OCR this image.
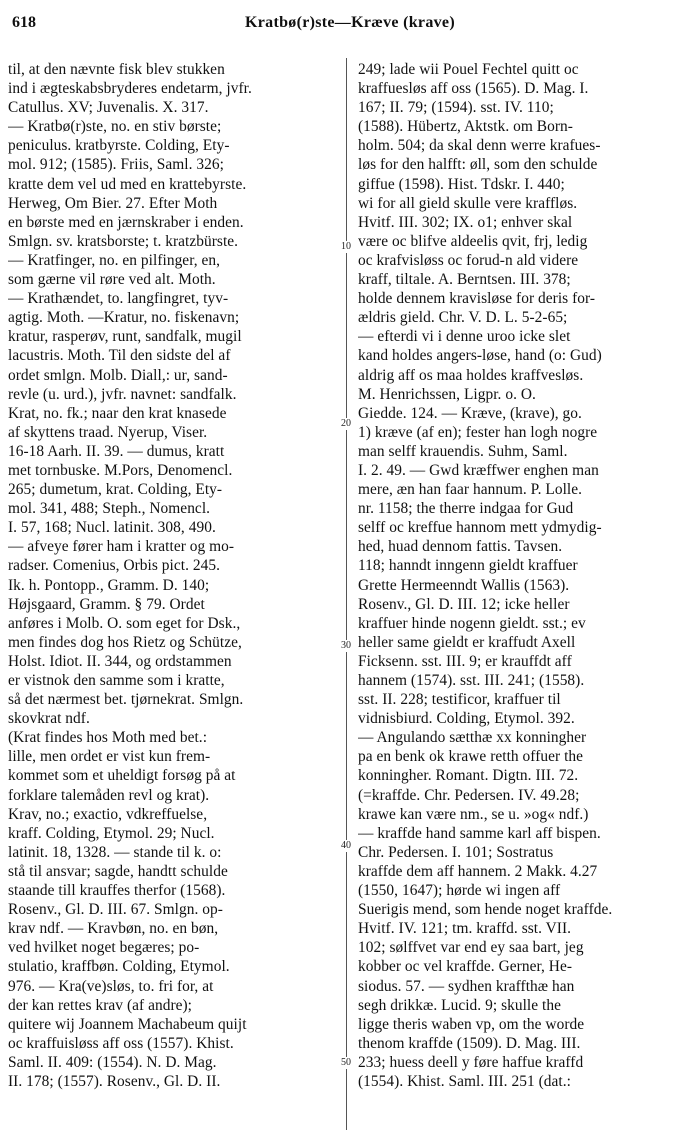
618	Kratbø(r)ste—Kræve (krave)
til, at den nævnte fisk blev stukken
ind i ægteskabsbryderes endetarm, jvfr.
Catullus. XV; Juvenalis. X. 317.
— Kratbø(r)ste, no. en stiv børste;
peniculus. kratbyrste. Colding, Ety-
mol. 912; (1585). Friis, Saml. 326;
kratte dem vel ud med en krattebyrste.
Herweg, Om Bier. 27. Efter Moth
en børste med en jærnskraber i enden.
Smlgn. sv. kratsborste; t. kratzbürste.
— Kratfinger, no. en pilfinger, en,
som gærne vil røre ved alt. Moth.
— Krathændet, to. langfingret, tyv-
agtig. Moth. —Kratur, no. fiskenavn;
kratur, rasperøv, runt, sandfalk, mugil
lacustris. Moth. Til den sidste del af
ordet smlgn. Molb. Diall,: ur, sand-
revle (u. urd.), jvfr. navnet: sandfalk.
Krat, no. fk.; naar den krat knasede
af skyttens traad. Nyerup, Viser.
16-18 Aarh. II. 39. — dumus, kratt
met tornbuske. M.Pors, Denomencl.
265; dumetum, krat. Colding, Ety-
mol. 341, 488; Steph., Nomencl.
I. 57, 168; Nucl. latinit. 308, 490.
— afveye fører ham i kratter og mo-
radser. Comenius, Orbis pict. 245.
Ik. h. Pontopp., Gramm. D. 140;
Højsgaard, Gramm. § 79. Ordet
anføres i Molb. O. som eget for Dsk.,
men findes dog hos Rietz og Schütze,
Holst. Idiot. II. 344, og ordstammen
er vistnok den samme som i kratte,
så det nærmest bet. tjørnekrat. Smlgn.
skovkrat ndf.
(Krat findes hos Moth med bet.:
lille, men ordet er vist kun frem-
kommet som et uheldigt forsøg på at
forklare talemåden revl og krat).
Krav, no.; exactio, vdkreffuelse,
kraff. Colding, Etymol. 29; Nucl.
latinit. 18, 1328. — stande til k. o:
stå til ansvar; sagde, handtt schulde
staande till krauffes therfor (1568).
Rosenv., Gl. D. III. 67. Smlgn. op-
krav ndf. — Kravbøn, no. en bøn,
ved hvilket noget begæres; po-
stulatio, kraffbøn. Colding, Etymol.
976. — Kra(ve)sløs, to. fri for, at
der kan rettes krav (af andre);
quitere wij Joannem Machabeum quijt
oc kraffuisløss aff oss (1557). Khist.
Saml. II. 409: (1554). N. D. Mag.
II. 178; (1557). Rosenv., Gl. D. II.
249; lade wii Pouel Fechtel quitt oc
kraffuesløs aff oss (1565). D. Mag. I.
167; II. 79; (1594). sst. IV. 110;
(1588). Hübertz, Aktstk. om Born-
holm. 504; da skal denn werre krafues-
løs for den halfft: øll, som den schulde
giffue (1598). Hist. Tdskr. I. 440;
wi for all gield skulle vere kraffløs.
Hvitf. III. 302; IX. o1; enhver skal
være oc blifve aldeelis qvit, frj, ledig
oc krafvisløss oc forud-n ald videre
kraff, tiltale. A. Berntsen. III. 378;
holde dennem kravisløse for deris for-
ældris gield. Chr. V. D. L. 5-2-65;
— efterdi vi i denne uroo icke slet
kand holdes angers-løse, hand (o: Gud)
aldrig aff os maa holdes kraffvesløs.
M. Henrichssen, Ligpr. o. O.
Giedde. 124. — Kræve, (krave), go.
1) kræve (af en); fester han logh nogre
man selff krauendis. Suhm, Saml.
I. 2. 49. — Gwd kræffwer enghen man
mere, æn han faar hannum. P. Lolle.
nr. 1158; the therre indgaa for Gud
selff oc kreffue hannom mett ydmydig-
hed, huad dennom fattis. Tavsen.
118; hanndt inngenn gieldt kraffuer
Grette Hermeenndt Wallis (1563).
Rosenv., Gl. D. III. 12; icke heller
kraffuer hinde nogenn gieldt. sst.; ev
heller same gieldt er kraffudt Axell
Ficksenn. sst. III. 9; er krauffdt aff
hannem (1574). sst. III. 241; (1558).
sst. II. 228; testificor, kraffuer til
vidnisbiurd. Colding, Etymol. 392.
— Angulando sætthæ xx konningher
pa en benk ok krawe retth offuer the
konningher. Romant. Digtn. III. 72.
(=kraffde. Chr. Pedersen. IV. 49.28;
krawe kan være nm., se u. »og« ndf.)
— kraffde hand samme karl aff bispen.
Chr. Pedersen. I. 101; Sostratus
kraffde dem aff hannem. 2 Makk. 4.27
(1550, 1647); hørde wi ingen aff
Suerigis mend, som hende noget kraffde.
Hvitf. IV. 121; tm. kraffd. sst. VII.
102; sølffvet var end ey saa bart, jeg
kobber oc vel kraffde. Gerner, He-
siodus. 57. — sydhen kraffthæ han
segh drikkæ. Lucid. 9; skulle the
ligge theris waben vp, om the worde
thenom kraffde (1509). D. Mag. III.
233; huess deell y føre haffue kraffd
(1554). Khist. Saml. III. 251 (dat.:
10
20
30
40
50
